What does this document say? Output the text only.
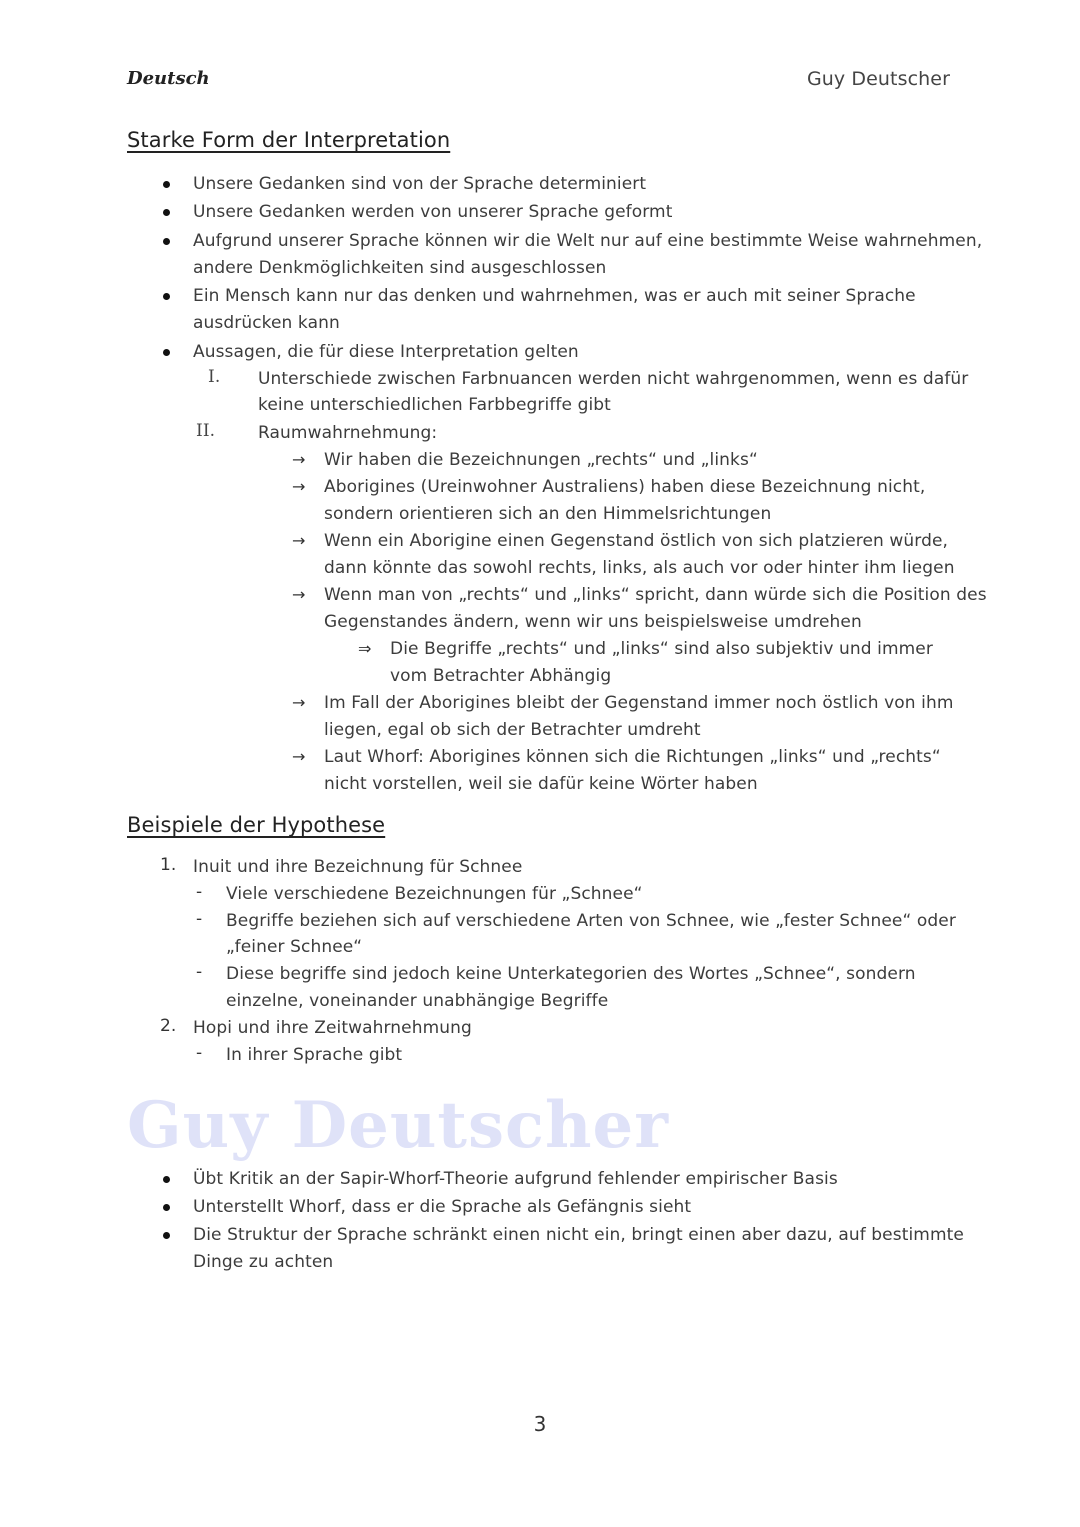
Deutsch	Guy Deutscher
Starke Form der Interpretation
Unsere Gedanken sind von der Sprache determiniert
Unsere Gedanken werden von unserer Sprache geformt
Aufgrund unserer Sprache können wir die Welt nur auf eine bestimmte Weise wahrnehmen,
andere Denkmöglichkeiten sind ausgeschlossen
Ein Mensch kann nur das denken und wahrnehmen, was er auch mit seiner Sprache
ausdrücken kann
Aussagen, die für diese Interpretation gelten
I. Unterschiede zwischen Farbnuancen werden nicht wahrgenommen, wenn es dafür
keine unterschiedlichen Farbbegriffe gibt
II.	Raumwahrnehmung:
→ Wir haben die Bezeichnungen „rechts“ und „links“
→ Aborigines (Ureinwohner Australiens) haben diese Bezeichnung nicht,
sondern orientieren sich an den Himmelsrichtungen
→ Wenn ein Aborigine einen Gegenstand östlich von sich platzieren würde,
dann könnte das sowohl rechts, links, als auch vor oder hinter ihm liegen
→ Wenn man von „rechts“ und „links“ spricht, dann würde sich die Position des
Gegenstandes ändern, wenn wir uns beispielsweise umdrehen
⇒ Die Begriffe „rechts“ und „links“ sind also subjektiv und immer
vom Betrachter Abhängig
→ Im Fall der Aborigines bleibt der Gegenstand immer noch östlich von ihm
liegen, egal ob sich der Betrachter umdreht
→ Laut Whorf: Aborigines können sich die Richtungen „links“ und „rechts“
nicht vorstellen, weil sie dafür keine Wörter haben
Beispiele der Hypothese
1. Inuit und ihre Bezeichnung für Schnee
- Viele verschiedene Bezeichnungen für „Schnee“
- Begriffe beziehen sich auf verschiedene Arten von Schnee, wie „fester Schnee“ oder
„feiner Schnee“
- Diese begriffe sind jedoch keine Unterkategorien des Wortes „Schnee“, sondern
einzelne, voneinander unabhängige Begriffe
2. Hopi und ihre Zeitwahrnehmung
- In ihrer Sprache gibt
Guy Deutscher
Übt Kritik an der Sapir-Whorf-Theorie aufgrund fehlender empirischer Basis
Unterstellt Whorf, dass er die Sprache als Gefängnis sieht
Die Struktur der Sprache schränkt einen nicht ein, bringt einen aber dazu, auf bestimmte
Dinge zu achten
3
